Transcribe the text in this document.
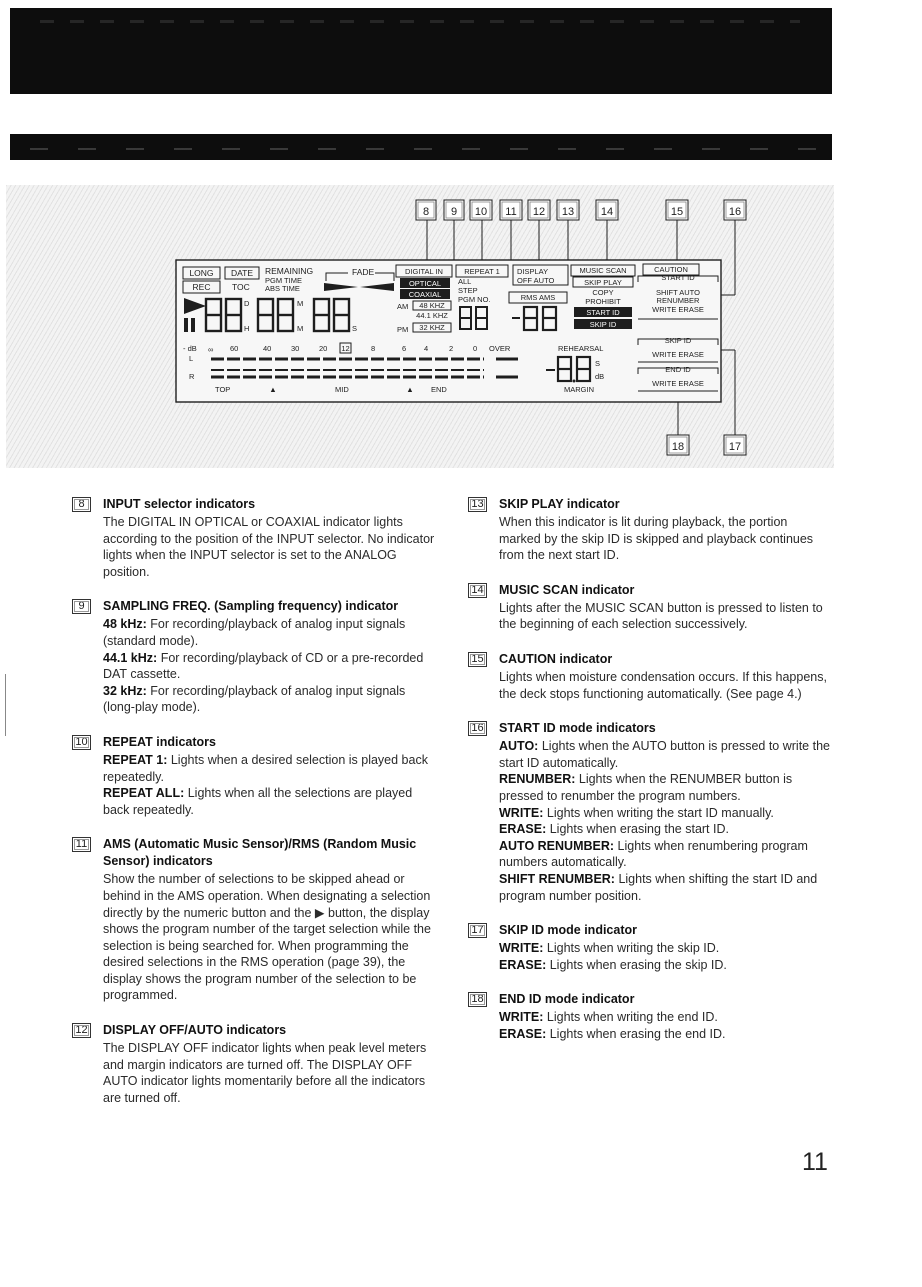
8 9 10 11 12 13 14	15	16
18	17
LONG DATE
REC	TOC
REMAINING
PGM TIME
ABS TIME
FADE
D
H
M
M	S
DIGITAL IN
OPTICAL
COAXIAL
AM
PM
48 KHZ
44.1 KHZ
32 KHZ
REPEAT 1
ALL
STEP
PGM NO.
DISPLAY
OFF AUTO
RMS AMS
MUSIC SCAN
SKIP PLAY
COPY
PROHIBIT
START ID
SKIP ID
CAUTION
START ID
SHIFT AUTO
RENUMBER
WRITE ERASE
- dB ∞ 60	40	30	20 12	8	6 4	2	0 OVER
L
R
TOP	▲	MID	▲ END
REHEARSAL
S
dB
MARGIN
SKIP ID
WRITE ERASE
END ID
WRITE ERASE
8	INPUT selector indicators
The DIGITAL IN OPTICAL or COAXIAL indicator lights according to the position of the INPUT selector. No indicator lights when the INPUT selector is set to the ANALOG position.
9	SAMPLING FREQ. (Sampling frequency) indicator

48 kHz: For recording/playback of analog input signals (standard mode).

44.1 kHz: For recording/playback of CD or a pre-recorded DAT cassette.

32 kHz: For recording/playback of analog input signals (long-play mode).

10 REPEAT indicators

REPEAT 1: Lights when a desired selection is played back repeatedly.

REPEAT ALL: Lights when all the selections are played back repeatedly.

11	AMS (Automatic Music Sensor)/RMS (Random Music Sensor) indicators
Show the number of selections to be skipped ahead or behind in the AMS operation. When designating a selection directly by the numeric button and the ▶ button, the display shows the program number of the target selection while the selection is being searched for. When programming the desired selections in the RMS operation (page 39), the display shows the program number of the selection to be programmed.
12 DISPLAY OFF/AUTO indicators
The DISPLAY OFF indicator lights when peak level meters and margin indicators are turned off. The DISPLAY OFF AUTO indicator lights momentarily before all the indicators are turned off.
13 SKIP PLAY indicator
When this indicator is lit during playback, the portion marked by the skip ID is skipped and playback continues from the next start ID.
14 MUSIC SCAN indicator
Lights after the MUSIC SCAN button is pressed to listen to the beginning of each selection successively.
15 CAUTION indicator
Lights when moisture condensation occurs. If this happens, the deck stops functioning automatically. (See page 4.)
16 START ID mode indicators

AUTO: Lights when the AUTO button is pressed to write the start ID automatically.

RENUMBER: Lights when the RENUMBER button is pressed to renumber the program numbers.

WRITE: Lights when writing the start ID manually.

ERASE: Lights when erasing the start ID.

AUTO RENUMBER: Lights when renumbering program numbers automatically.

SHIFT RENUMBER: Lights when shifting the start ID and program number position.

17 SKIP ID mode indicator

WRITE: Lights when writing the skip ID.

ERASE: Lights when erasing the skip ID.

18 END ID mode indicator

WRITE: Lights when writing the end ID.

ERASE: Lights when erasing the end ID.

11
